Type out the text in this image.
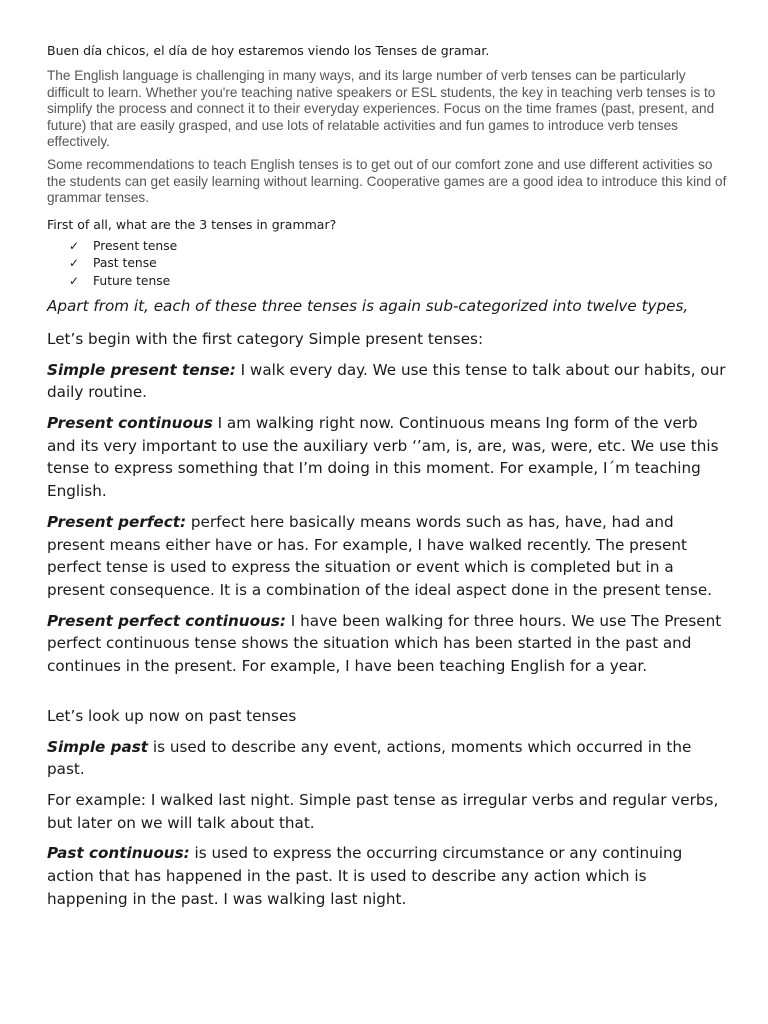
Buen día chicos, el día de hoy estaremos viendo los Tenses de gramar.

The English language is challenging in many ways, and its large number of verb tenses can be particularly difficult to learn. Whether you're teaching native speakers or ESL students, the key in teaching verb tenses is to simplify the process and connect it to their everyday experiences. Focus on the time frames (past, present, and future) that are easily grasped, and use lots of relatable activities and fun games to introduce verb tenses effectively.

Some recommendations to teach English tenses is to get out of our comfort zone and use different activities so the students can get easily learning without learning. Cooperative games are a good idea to introduce this kind of grammar tenses.

First of all, what are the 3 tenses in grammar?

✓	Present tense
✓	Past tense
✓	Future tense

Apart from it, each of these three tenses is again sub-categorized into twelve types,

Let’s begin with the first category Simple present tenses:

Simple present tense: I walk every day. We use this tense to talk about our habits, our daily routine.

Present continuous I am walking right now. Continuous means Ing form of the verb and its very important to use the auxiliary verb ‘’am, is, are, was, were, etc. We use this tense to express something that I’m doing in this moment. For example, I´m teaching English.

Present perfect: perfect here basically means words such as has, have, had and present means either have or has. For example, I have walked recently. The present perfect tense is used to express the situation or event which is completed but in a present consequence. It is a combination of the ideal aspect done in the present tense.

Present perfect continuous: I have been walking for three hours. We use The Present perfect continuous tense shows the situation which has been started in the past and continues in the present. For example, I have been teaching English for a year.

Let’s look up now on past tenses

Simple past is used to describe any event, actions, moments which occurred in the past.

For example: I walked last night. Simple past tense as irregular verbs and regular verbs, but later on we will talk about that.

Past continuous: is used to express the occurring circumstance or any continuing action that has happened in the past. It is used to describe any action which is happening in the past. I was walking last night.
